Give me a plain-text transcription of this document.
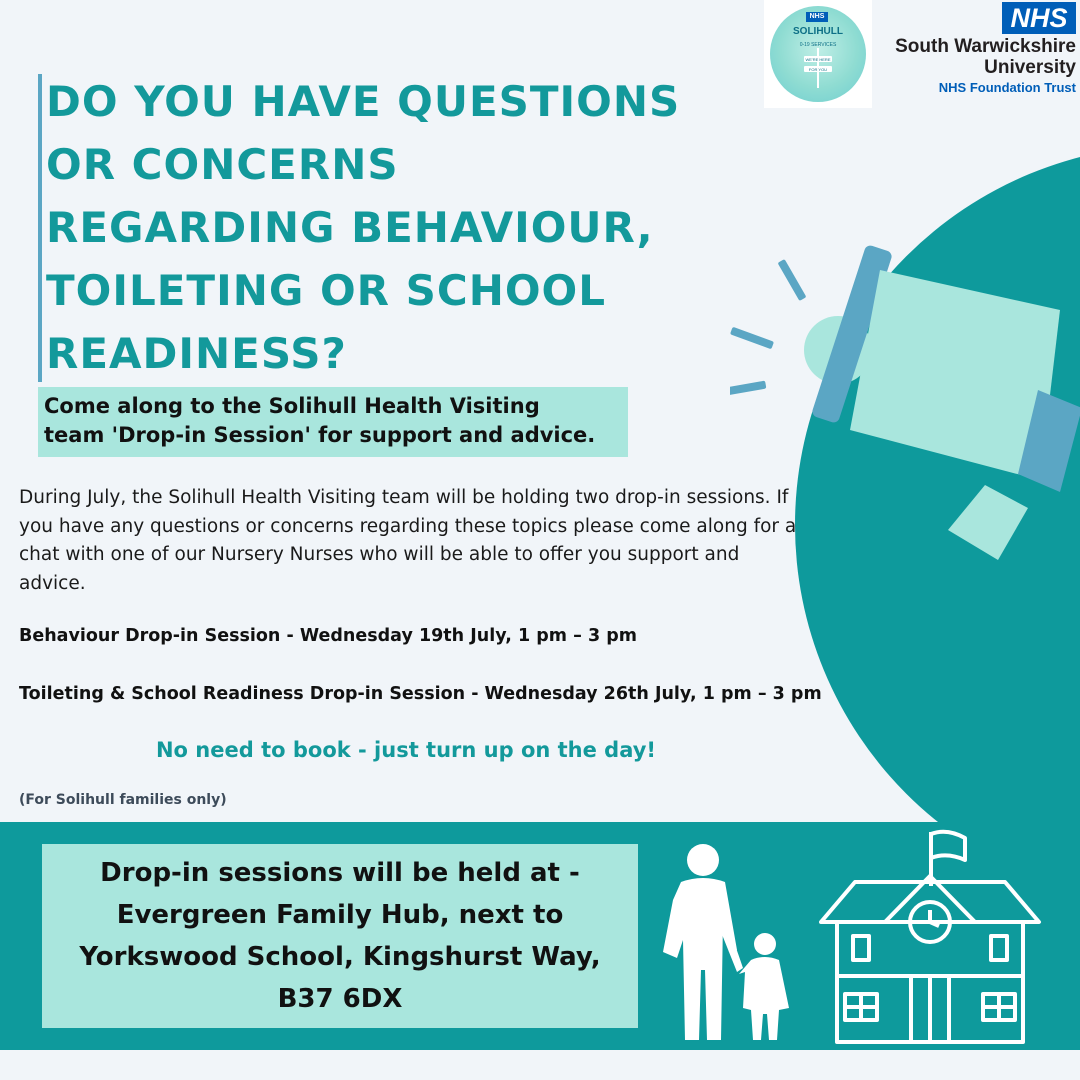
NHS
SOLIHULL
0-19 SERVICES
WE'RE HERE
FOR YOU
NHS
South Warwickshire
University
NHS Foundation Trust
DO YOU HAVE QUESTIONS
OR CONCERNS
REGARDING BEHAVIOUR,
TOILETING OR SCHOOL
READINESS?
Come along to the Solihull Health Visiting
team 'Drop-in Session' for support and advice.
During July, the Solihull Health Visiting team will be holding two drop-in sessions. If you have any questions or concerns regarding these topics please come along for a chat with one of our Nursery Nurses who will be able to offer you support and advice.
Behaviour Drop-in Session - Wednesday 19th July, 1 pm – 3 pm
Toileting & School Readiness Drop-in Session - Wednesday 26th July, 1 pm – 3 pm
No need to book - just turn up on the day!
(For Solihull families only)
Drop-in sessions will be held at - Evergreen Family Hub, next to Yorkswood School, Kingshurst Way, B37 6DX
